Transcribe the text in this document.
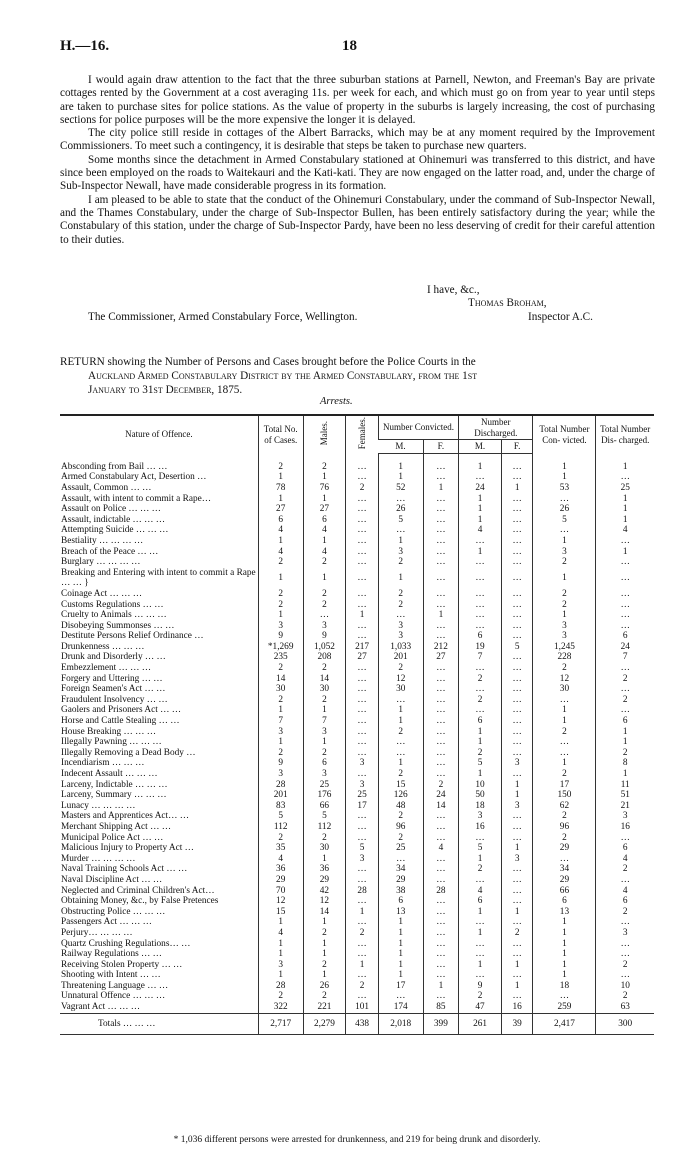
H.—16.	18

I would again draw attention to the fact that the three suburban stations at Parnell, Newton, and Freeman's Bay are private cottages rented by the Government at a cost averaging 11s. per week for each, and which must go on from year to year until steps are taken to purchase sites for police stations. As the value of property in the suburbs is largely increasing, the cost of purchasing sections for police purposes will be the more expensive the longer it is delayed.

The city police still reside in cottages of the Albert Barracks, which may be at any moment required by the Improvement Commissioners. To meet such a contingency, it is desirable that steps be taken to purchase new quarters.

Some months since the detachment in Armed Constabulary stationed at Ohinemuri was transferred to this district, and have since been employed on the roads to Waitekauri and the Kati-kati. They are now engaged on the latter road, and, under the charge of Sub-Inspector Newall, have made considerable progress in its formation.

I am pleased to be able to state that the conduct of the Ohinemuri Constabulary, under the command of Sub-Inspector Newall, and the Thames Constabulary, under the charge of Sub-Inspector Bullen, has been entirely satisfactory during the year; while the Constabulary of this station, under the charge of Sub-Inspector Pardy, have been no less deserving of credit for their careful attention to their duties.

I have, &c.,
Thomas Broham,
The Commissioner, Armed Constabulary Force, Wellington.	Inspector A.C.
RETURN showing the Number of Persons and Cases brought before the Police Courts in the
Auckland Armed Constabulary District by the Armed Constabulary, from the 1st
January to 31st December, 1875.
Arrests.
Nature of Offence.	Total No. of Cases.	Males.	Females.	Number Convicted.		Number Discharged.		Total Number Con- victed.	Total Number Dis- charged.
				M.	F.	M.	F.		
Absconding from Bail … …	2	2	…	1	…	1	…	1	1
Armed Constabulary Act, Desertion …	1	1	…	1	…	…	…	1	…
Assault, Common … …	78	76	2	52	1	24	1	53	25
Assault, with intent to commit a Rape…	1	1	…	…	…	1	…	…	1
Assault on Police … … …	27	27	…	26	…	1	…	26	1
Assault, indictable … … …	6	6	…	5	…	1	…	5	1
Attempting Suicide … … …	4	4	…	…	…	4	…	…	4
Bestiality … … … …	1	1	…	1	…	…	…	1	…
Breach of the Peace … …	4	4	…	3	…	1	…	3	1
Burglary … … … …	2	2	…	2	…	…	…	2	…
Breaking and Entering with intent to commit a Rape … … }	1	1	…	1	…	…	…	1	…
Coinage Act … … …	2	2	…	2	…	…	…	2	…
Customs Regulations … …	2	2	…	2	…	…	…	2	…
Cruelty to Animals … … …	1	…	1	…	1	…	…	1	…
Disobeying Summonses … …	3	3	…	3	…	…	…	3	…
Destitute Persons Relief Ordinance …	9	9	…	3	…	6	…	3	6
Drunkenness … … …	*1,269	1,052	217	1,033	212	19	5	1,245	24
Drunk and Disorderly … …	235	208	27	201	27	7	…	228	7
Embezzlement … … …	2	2	…	2	…	…	…	2	…
Forgery and Uttering … …	14	14	…	12	…	2	…	12	2
Foreign Seamen's Act … …	30	30	…	30	…	…	…	30	…
Fraudulent Insolvency … …	2	2	…	…	…	2	…	…	2
Gaolers and Prisoners Act … …	1	1	…	1	…	…	…	1	…
Horse and Cattle Stealing … …	7	7	…	1	…	6	…	1	6
House Breaking … … …	3	3	…	2	…	1	…	2	1
Illegally Pawning … … …	1	1	…	…	…	1	…	…	1
Illegally Removing a Dead Body …	2	2	…	…	…	2	…	…	2
Incendiarism … … …	9	6	3	1	…	5	3	1	8
Indecent Assault … … …	3	3	…	2	…	1	…	2	1
Larceny, Indictable … … …	28	25	3	15	2	10	1	17	11
Larceny, Summary … … …	201	176	25	126	24	50	1	150	51
Lunacy … … … …	83	66	17	48	14	18	3	62	21
Masters and Apprentices Act… …	5	5	…	2	…	3	…	2	3
Merchant Shipping Act … …	112	112	…	96	…	16	…	96	16
Municipal Police Act … …	2	2	…	2	…	…	…	2	…
Malicious Injury to Property Act …	35	30	5	25	4	5	1	29	6
Murder … … … …	4	1	3	…	…	1	3	…	4
Naval Training Schools Act … …	36	36	…	34	…	2	…	34	2
Naval Discipline Act … …	29	29	…	29	…	…	…	29	…
Neglected and Criminal Children's Act…	70	42	28	38	28	4	…	66	4
Obtaining Money, &c., by False Pretences	12	12	…	6	…	6	…	6	6
Obstructing Police … … …	15	14	1	13	…	1	1	13	2
Passengers Act … … …	1	1	…	1	…	…	…	1	…
Perjury… … … …	4	2	2	1	…	1	2	1	3
Quartz Crushing Regulations… …	1	1	…	1	…	…	…	1	…
Railway Regulations … …	1	1	…	1	…	…	…	1	…
Receiving Stolen Property … …	3	2	1	1	…	1	1	1	2
Shooting with Intent … …	1	1	…	1	…	…	…	1	…
Threatening Language … …	28	26	2	17	1	9	1	18	10
Unnatural Offence … … …	2	2	…	…	…	2	…	…	2
Vagrant Act … … …	322	221	101	174	85	47	16	259	63
Totals … … …	2,717	2,279	438	2,018	399	261	39	2,417	300
* 1,036 different persons were arrested for drunkenness, and 219 for being drunk and disorderly.
